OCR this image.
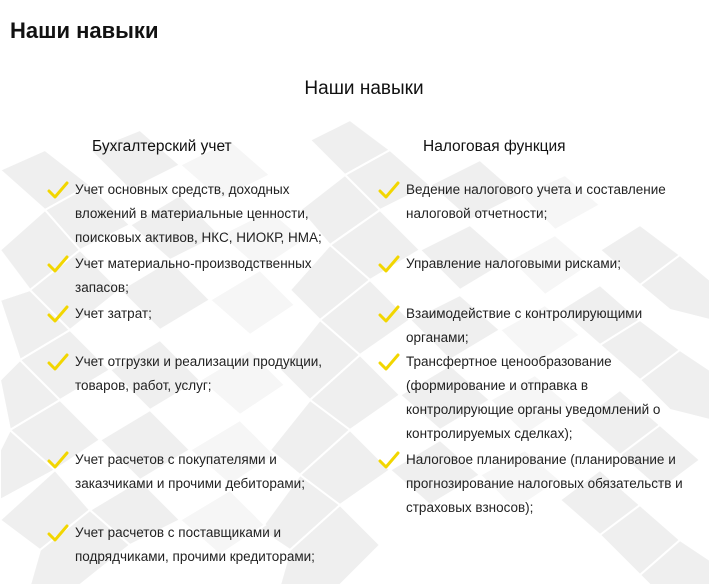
Наши навыки
Наши навыки
Бухгалтерский учет	Налоговая функция
Учет основных средств, доходных вложений в материальные ценности, поисковых активов, НКС, НИОКР, НМА;
Учет материально-производственных запасов;
Учет затрат;
Учет отгрузки и реализации продукции, товаров, работ, услуг;
Учет расчетов с покупателями и заказчиками и прочими дебиторами;
Учет расчетов с поставщиками и подрядчиками, прочими кредиторами;
Ведение налогового учета и составление налоговой отчетности;
Управление налоговыми рисками;
Взаимодействие с контролирующими органами;
Трансфертное ценообразование (формирование и отправка в контролирующие органы уведомлений о контролируемых сделках);
Налоговое планирование (планирование и прогнозирование налоговых обязательств и страховых взносов);
